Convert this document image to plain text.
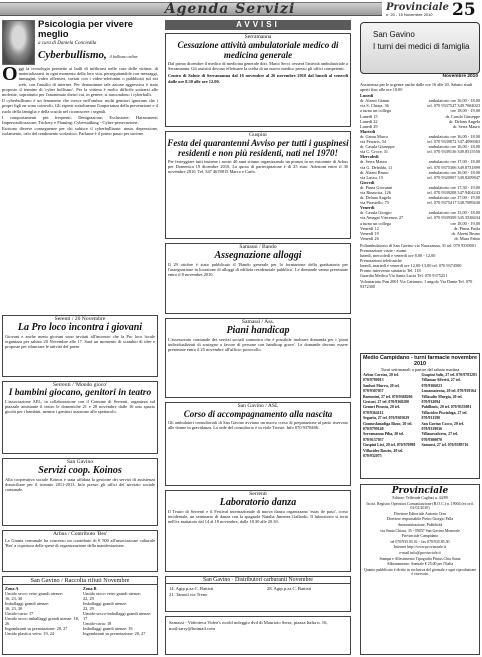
Agenda Servizi	Provinciale
n. 20 - 15 Novembre 2010 25
Psicologia per vivere meglio
a cura di Daniela Conciedda
Cyberbullismo, il bullismo online

Oggi la tecnologia permette ai bulli di infiltrarsi nelle case delle vittime, di materializzarsi in ogni momento della loro vita, perseguitandole con messaggi, immagini, video offensivi, inviati con i video-telefonini o pubblicati sui siti web, con l'ausilio di internet. Per denominare tale azione aggressiva è stato proposto il termine di 'cyber bullismo'. Per la vittima è molto difficile sottrarsi alle molestie, soprattutto per l'anonimato dietro cui, in genere, si nascondono i cyberbulli.

Il cyberbullismo è un fenomeno che cresce nell'ombra: molti genitori ignorano che i propri figli ne sono coinvolti. Gli esperti sottolineano l'importanza della prevenzione e il ruolo della famiglia e della scuola nel riconoscere i segnali.

I comportamenti più frequenti: Denigrazione; Esclusione; Harassment; Impersonificazione; Trickery e Flaming; Cyberstalking - Cyber-persecuzione.

Esistono diverse conseguenze per chi subisce il cyberbullismo: ansia, depressione, isolamento, calo del rendimento scolastico. Parlarne è il primo passo per uscirne.

Serenti / 20 Novembre
La Pro loco incontra i giovani
Giovani e anche meno giovani sono invitati all'incontro che la Pro loco locale organizza per sabato 20 Novembre alle 17. Sarà un momento di scambio di idee e proposte per rilanciare le attività del paese.
Serrenti / 'Mondo gioco'
I bambini giocano, genitori in teatro
L'associazione AEL, in collaborazione con il Comune di Serrenti, organizza sul piazzale antistante il teatro le domeniche 21 e 28 novembre dalle 16 uno spazio giochi per i bambini, mentre i genitori assistono allo spettacolo.
San Gavino
Servizi coop. Koinos
Alla cooperativa sociale Koinos è stata affidata la gestione dei servizi di assistenza domiciliare per il triennio 2011-2013. Info presso gli uffici del servizio sociale comunale.
Arbus / Contributo 'Bes'
La Giunta comunale ha concesso un contributo di € 500 all'associazione culturale 'Bes' a copertura delle spese di organizzazione della manifestazione.
San Gavino / Raccolta rifiuti Novembre
Zona A
Umido secco vetro grandi utenze:
16, 23, 30
Imballaggi grandi utenze:
16, 23, 30
Umido-carta: 17
Umido secco imballaggi grandi utenze: 18, 26
Ingombranti su prenotazione: 20, 27
Umido plastica vetro: 19, 24
Zona B
Umido secco vetro grandi utenze:
22, 29
Imballaggi grandi utenze:
22, 29
Umido-secco-imballaggi grandi utenze: 17
Umido-carta: 18
Imballaggi grandi utenze: 18
Ingombranti su prenotazione: 20, 27
AVVISI
Serramanna
Cessazione attività ambulatoriale medico di medicina generale
Dal primo dicembre il medico di medicina generale dott. Mario Secci cesserà l'attività ambulatoriale a Serramanna. Gli assistiti devono effettuare la scelta di un nuovo medico presso gli uffici competenti.
Centro di Salute di Serramanna dal 16 novembre al 26 novembre 2010 dal lunedì al venerdì dalle ore 8.30 alle ore 12.00.
Guspini
Festa dei quarantenni Avviso per tutti i guspinesi residenti e non più residenti, nati nel 1970!
Per festeggiare tutti insieme i nostri 40 anni stiamo organizzando un pranzo in un ristorante di Arbus per Domenica 19 dicembre 2010. La quota di partecipazione è di 25 euro. Adesioni entro il 30 novembre 2010. Tel. 347 4678815 Marco e Carlo.
Samassi / Bando
Assegnazione alloggi
Il 29 ottobre è stato pubblicato il 'Bando generale per la formazione della graduatoria per l'assegnazione in locazione di alloggi di edilizia residenziale pubblica'. Le domande vanno presentate entro il 8 novembre 2010.
Samassi / Ass.
Piani handicap
L'assessorato comunale dei servizi sociali comunica che è possibile inoltrare domanda per i 'piani individualizzati di sostegno a favore di persone con handicap grave'. Le domande devono essere presentate entro il 25 novembre all'ufficio protocollo.
San Gavino / ASL
Corso di accompagnamento alla nascita
Gli ambulatori consultoriali di San Gavino avviano un nuovo corso di preparazione al parto riservato alle donne in gravidanza. La sede del consultorio è in viale Trieste. Info 070 9378466.
Serrenti
Laboratorio danza
Il Teatro di Serrenti e il Festival internazionale di nuova danza organizzano 'estas de paso', corso incidentale, un seminario di danza con la spagnola Natalia Jimenez Gallardo. Il laboratorio si terrà nell'ex mattatoio dal 14 al 18 novembre, dalle 18.30 alle 20.30.
San Gavino · Distributori carburanti Novembre
14. Agip p.za C. Battisti
21. Tamoil via Treno
28. Agip p.za C. Battisti
Samassi - Videoteca Video's world noleggio dvd di Maurizio Serra, piazza Italia n. 16, mail:sarry@hotmail.com
San Gavino
I turni dei medici di famiglia
Novembre 2010
Assistenza per le urgenze anche dalle ore 16 alle 20. Sabato studi aperti fino alle ore 10.00
Lunedì
dr. Alzeni Gianni	ambulatorio ore 16,00 - 18,00
via S. Chiara, 36	tel. 070 9337527 349.7684023
a turno un collega	ore 18,00 - 19,00
Lunedì 15	dr. Casula Giuseppe
Lunedì 22	dr. Delana Angela
Lunedì 29	dr. Serra Mauro
Martedì
dr. Garau Marco	ambulatorio ore 16,00 - 18,00
via Ferraris, 54	tel. 070 9339872 347.4096963
dr. Casula Giuseppe	ambulatorio ore 16,00 - 18,00
via C. Croce, 31	tel. 070 9339136 349.8515556
Mercoledì
dr. Serra Mauro	ambulatorio ore 17,00 - 18,00
via G. Deledda, 11	tel. 070 9375306 349.8731899
dr. Alzeni Bruno	ambulatorio ore 16,00 - 18,00
via Lussu, 15	tel. 070 9320907 349.8209847
Giovedì
dr. Pinna Giovanni	ambulatorio ore 17,30 - 19,00
via Rinascita, 126	tel. 070 9339208 347.9404243
dr. Delana Angela	ambulatorio ore 17,00 - 19,00
via Pirastello, 75	tel. 070 9375417 338.7089430
Venerdì
dr. Casula Giorgio	ambulatorio ore 15,00 - 18,00
via Amagai Vincenzo, 27	tel. 070 9339309 345.3538434
a turno un collega	ore 18,00 - 19,00
Venerdì 12	dr. Pinna Paola
Venerdì 19	dr. Alzeni Bruno
Venerdì 26	dr. Mura Fabio
Poliambulatorio di San Gavino via Nuraxanna, 31 tel. 070 9339001
Prenotazione visite - esami
lunedì, mercoledì e venerdì ore 8,00 - 12,00
Prenotazioni telefoniche
lunedì, martedì e venerdì ore 12,00-13,00 tel. 070 9374500
Pronto intervento sanitario Tel. 118
Guardia Medica Via Santa Lucia Tel. 070 9375251
Volontariato Pun 2001 Via Cattaneo, 1 angolo Via Dante Tel. 070 9372300
Medio Campidano - turni farmacie novembre 2010
Turni settimanali a partire dal sabato mattina
Arbus Corrias, 20 tel. 070/9780013
Sanluri Murru, 20 tel. 070/9307057
Barumini, 27 tel. 070/9368206
Gesturi, 27 tel. 070/9368200
Genuri Pirastu, 20 tel. 070/9364112
Segariu, 27 tel. 070/9305029
Gonnosfanadiga Rizzo, 20 tel. 070/9799140
Serramanna Pilia, 20 tel. 070/9137037
Guspini Lixi, 20 tel. 070/970998
Villacidro Basciu, 20 tel. 070/932075
Guspini Salis, 27 tel. 070/9783283
Villamar Silvetti, 27 tel. 070/9306023
Lunamatrona, 20 tel. 070/939164
Villasalto Murgia, 20 tel. 070/932094
Pabillonis, 20 tel. 070/9353081
Villacidro Piscialoga, 27 tel. 070/931580
San Gavino Cocco, 20 tel. 070/9339036
Villanovaforru, 27 tel. 070/9300070
Samassi, 27 tel. 070/9389716
Provinciale
Editore: Tellerude Cagliari n. 44/89
Iscriz. Registro Operatori Comunicazione (R.O.C.) n. 19004 (ex ord. 01/01/2010)
Direttore Editoriale Antonio Orru
Direttore responsabile Pietro Giorgio Palla
Amministrazione, Pubblicità
via Santa Chiara, 35 - 09037 San Gavino Monreale
Provinciale Campidano
tel 070/935.85.01 - fax 070/935.85.50
Internet http://www.provinciale.it
e-mail info@provinciale.it
Stampa e Allestimento Tipografia Pintus Chia Santa
Abbonamento: Annuale € 25,00 per l'Italia
Quanto pubblicato è diritto in esclusiva del giornale e ogni riproduzione è riservata.
